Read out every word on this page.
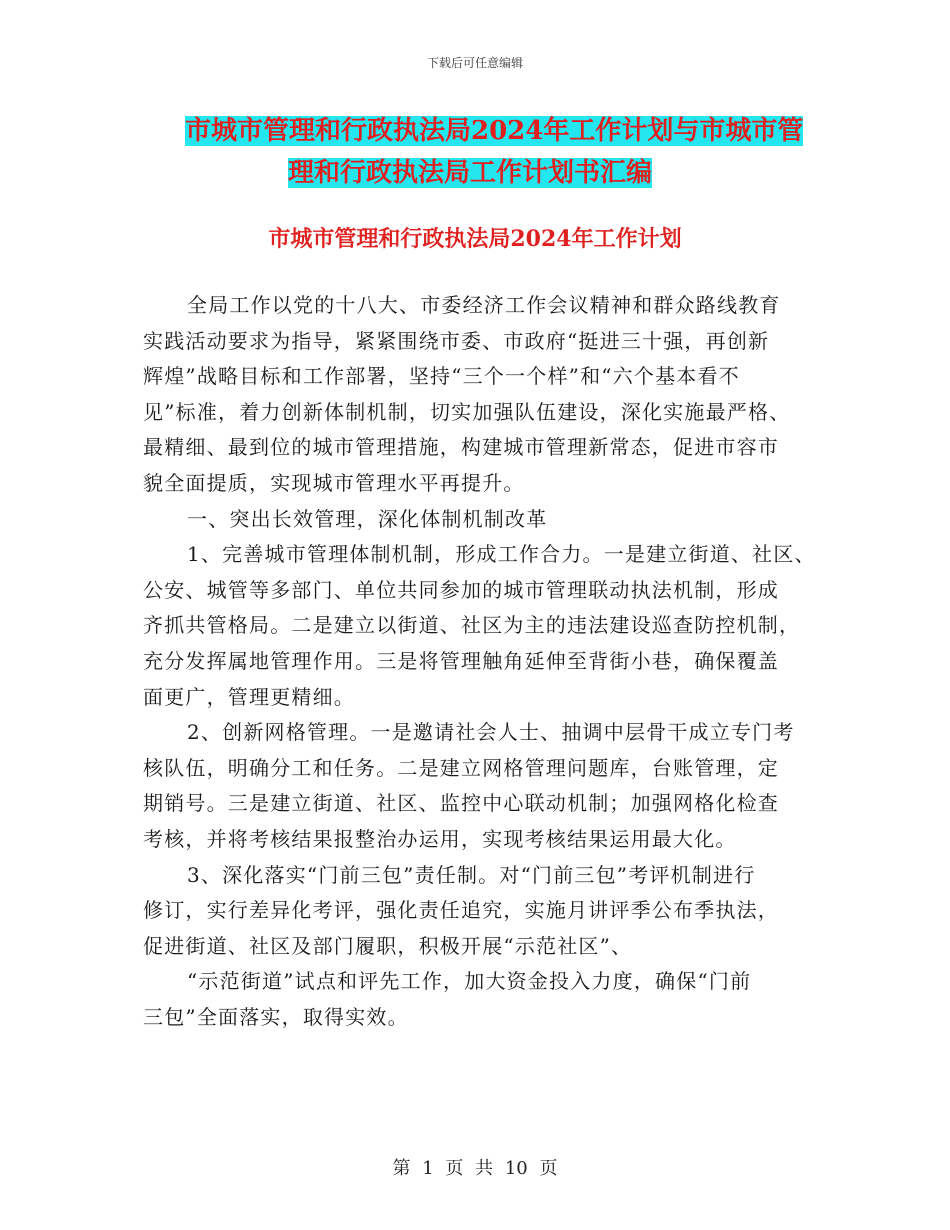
下载后可任意编辑
市城市管理和行政执法局2024年工作计划与市城市管
理和行政执法局工作计划书汇编
市城市管理和行政执法局2024年工作计划

全局工作以党的十八大、市委经济工作会议精神和群众路线教育
实践活动要求为指导，紧紧围绕市委、市政府“挺进三十强，再创新
辉煌”战略目标和工作部署，坚持“三个一个样”和“六个基本看不
见”标准，着力创新体制机制，切实加强队伍建设，深化实施最严格、
最精细、最到位的城市管理措施，构建城市管理新常态，促进市容市
貌全面提质，实现城市管理水平再提升。

一、突出长效管理，深化体制机制改革

1、完善城市管理体制机制，形成工作合力。一是建立街道、社区、
公安、城管等多部门、单位共同参加的城市管理联动执法机制，形成
齐抓共管格局。二是建立以街道、社区为主的违法建设巡查防控机制，
充分发挥属地管理作用。三是将管理触角延伸至背街小巷，确保覆盖
面更广，管理更精细。

2、创新网格管理。一是邀请社会人士、抽调中层骨干成立专门考
核队伍，明确分工和任务。二是建立网格管理问题库，台账管理，定
期销号。三是建立街道、社区、监控中心联动机制；加强网格化检查
考核，并将考核结果报整治办运用，实现考核结果运用最大化。

3、深化落实“门前三包”责任制。对“门前三包”考评机制进行
修订，实行差异化考评，强化责任追究，实施月讲评季公布季执法，
促进街道、社区及部门履职，积极开展“示范社区”、
“示范街道”试点和评先工作，加大资金投入力度，确保“门前
三包”全面落实，取得实效。

第 1 页 共 10 页
